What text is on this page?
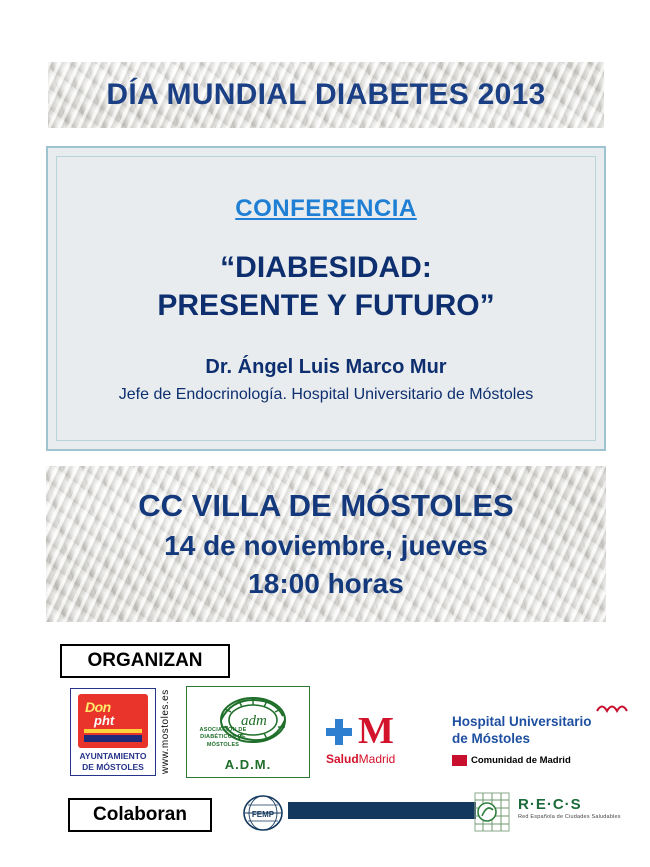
DÍA MUNDIAL DIABETES 2013
CONFERENCIA
“DIABESIDAD:
PRESENTE Y FUTURO”
Dr. Ángel Luis Marco Mur
Jefe de Endocrinología. Hospital Universitario de Móstoles
CC VILLA DE MÓSTOLES
14 de noviembre, jueves
18:00 horas
ORGANIZAN
Don
pht
AYUNTAMIENTO
DE MÓSTOLES	www.mostoles.es	adm
ASOCIACIÓN DE
DIABÉTICOS DE
MÓSTOLES
A.D.M.
M
SaludMadrid
Hospital Universitario
de Móstoles
Comunidad de Madrid
Colaboran	FEMP
R·E·C·S
Red Española de Ciudades Saludables
